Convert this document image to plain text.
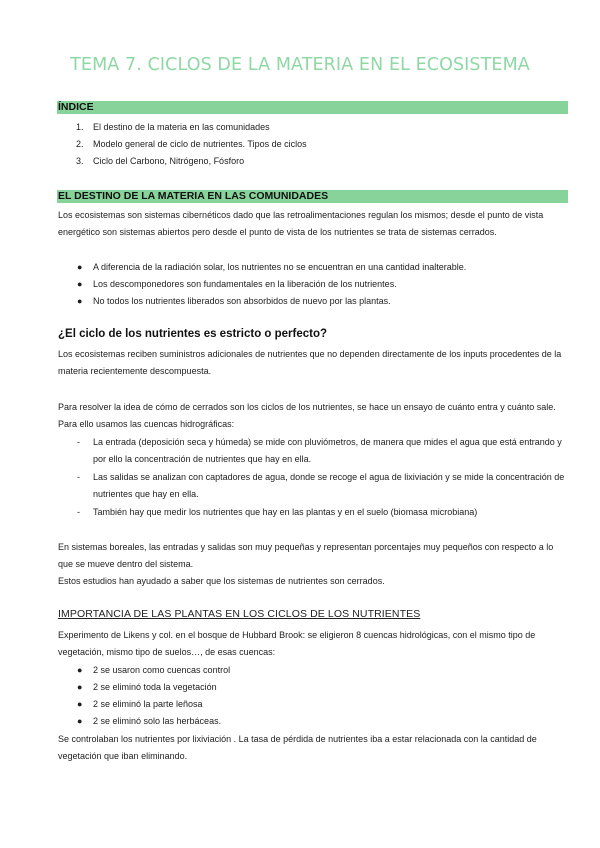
TEMA 7. CICLOS DE LA MATERIA EN EL ECOSISTEMA
ÍNDICE
1. El destino de la materia en las comunidades
2. Modelo general de ciclo de nutrientes. Tipos de ciclos
3. Ciclo del Carbono, Nitrógeno, Fósforo
EL DESTINO DE LA MATERIA EN LAS COMUNIDADES

Los ecosistemas son sistemas cibernéticos dado que las retroalimentaciones regulan los mismos; desde el punto de vista energético son sistemas abiertos pero desde el punto de vista de los nutrientes se trata de sistemas cerrados.

● A diferencia de la radiación solar, los nutrientes no se encuentran en una cantidad inalterable.
● Los descomponedores son fundamentales en la liberación de los nutrientes.
● No todos los nutrientes liberados son absorbidos de nuevo por las plantas.
¿El ciclo de los nutrientes es estricto o perfecto?

Los ecosistemas reciben suministros adicionales de nutrientes que no dependen directamente de los inputs procedentes de la materia recientemente descompuesta.

Para resolver la idea de cómo de cerrados son los ciclos de los nutrientes, se hace un ensayo de cuánto entra y cuánto sale. Para ello usamos las cuencas hidrográficas:

- La entrada (deposición seca y húmeda) se mide con pluviómetros, de manera que mides el agua que está entrando y por ello la concentración de nutrientes que hay en ella.

- Las salidas se analizan con captadores de agua, donde se recoge el agua de lixiviación y se mide la concentración de nutrientes que hay en ella.

- También hay que medir los nutrientes que hay en las plantas y en el suelo (biomasa microbiana)

En sistemas boreales, las entradas y salidas son muy pequeñas y representan porcentajes muy pequeños con respecto a lo que se mueve dentro del sistema.

Estos estudios han ayudado a saber que los sistemas de nutrientes son cerrados.

IMPORTANCIA DE LAS PLANTAS EN LOS CICLOS DE LOS NUTRIENTES

Experimento de Likens y col. en el bosque de Hubbard Brook: se eligieron 8 cuencas hidrológicas, con el mismo tipo de vegetación, mismo tipo de suelos…, de esas cuencas:

● 2 se usaron como cuencas control
● 2 se eliminó toda la vegetación
● 2 se eliminó la parte leñosa
● 2 se eliminó solo las herbáceas.

Se controlaban los nutrientes por lixiviación . La tasa de pérdida de nutrientes iba a estar relacionada con la cantidad de vegetación que iban eliminando.
